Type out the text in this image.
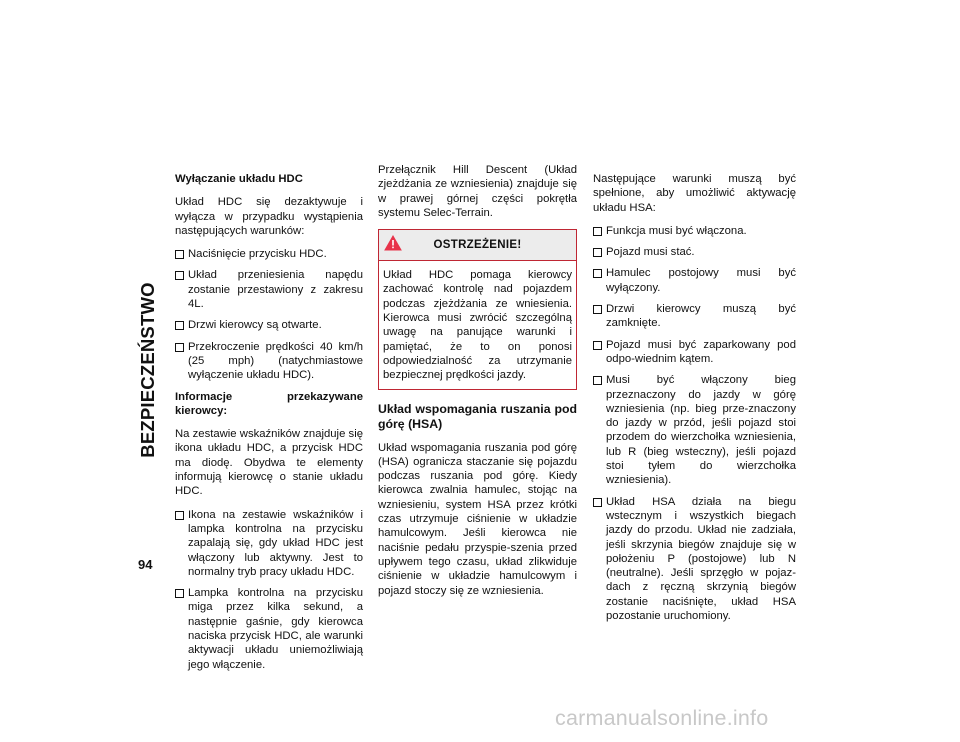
BEZPIECZEŃSTWO
94
Wyłączanie układu HDC

Układ HDC się dezaktywuje i wyłącza w przypadku wystąpienia następujących warunków:

Naciśnięcie przycisku HDC.
Układ przeniesienia napędu zostanie przestawiony z zakresu 4L.
Drzwi kierowcy są otwarte.
Przekroczenie prędkości 40 km/h (25 mph) (natychmiastowe wyłączenie układu HDC).
Informacje przekazywane kierowcy:

Na zestawie wskaźników znajduje się ikona układu HDC, a przycisk HDC ma diodę. Obydwa te elementy informują kierowcę o stanie układu HDC.

Ikona na zestawie wskaźników i lampka kontrolna na przycisku zapalają się, gdy układ HDC jest włączony lub aktywny. Jest to normalny tryb pracy układu HDC.
Lampka kontrolna na przycisku miga przez kilka sekund, a następnie gaśnie, gdy kierowca naciska przycisk HDC, ale warunki aktywacji układu uniemożliwiają jego włączenie.

Przełącznik Hill Descent (Układ zjeżdżania ze wzniesienia) znajduje się w prawej górnej części pokrętła systemu Selec-Terrain.

OSTRZEŻENIE!
Układ HDC pomaga kierowcy zachować kontrolę nad pojazdem podczas zjeżdżania ze wniesienia. Kierowca musi zwrócić szczególną uwagę na panujące warunki i pamiętać, że to on ponosi odpowiedzialność za utrzymanie bezpiecznej prędkości jazdy.
Układ wspomagania ruszania pod górę (HSA)

Układ wspomagania ruszania pod górę (HSA) ogranicza staczanie się pojazdu podczas ruszania pod górę. Kiedy kierowca zwalnia hamulec, stojąc na wzniesieniu, system HSA przez krótki czas utrzymuje ciśnienie w układzie hamulcowym. Jeśli kierowca nie naciśnie pedału przyspie-szenia przed upływem tego czasu, układ zlikwiduje ciśnienie w układzie hamulcowym i pojazd stoczy się ze wzniesienia.

Następujące warunki muszą być spełnione, aby umożliwić aktywację układu HSA:

Funkcja musi być włączona.
Pojazd musi stać.
Hamulec postojowy musi być wyłączony.
Drzwi kierowcy muszą być zamknięte.
Pojazd musi być zaparkowany pod odpo-wiednim kątem.
Musi być włączony bieg przeznaczony do jazdy w górę wzniesienia (np. bieg prze-znaczony do jazdy w przód, jeśli pojazd stoi przodem do wierzchołka wzniesienia, lub R (bieg wsteczny), jeśli pojazd stoi tyłem do wierzchołka wzniesienia).
Układ HSA działa na biegu wstecznym i wszystkich biegach jazdy do przodu. Układ nie zadziała, jeśli skrzynia biegów znajduje się w położeniu P (postojowe) lub N (neutralne). Jeśli sprzęgło w pojaz-dach z ręczną skrzynią biegów zostanie naciśnięte, układ HSA pozostanie uruchomiony.
carmanualsonline.info
